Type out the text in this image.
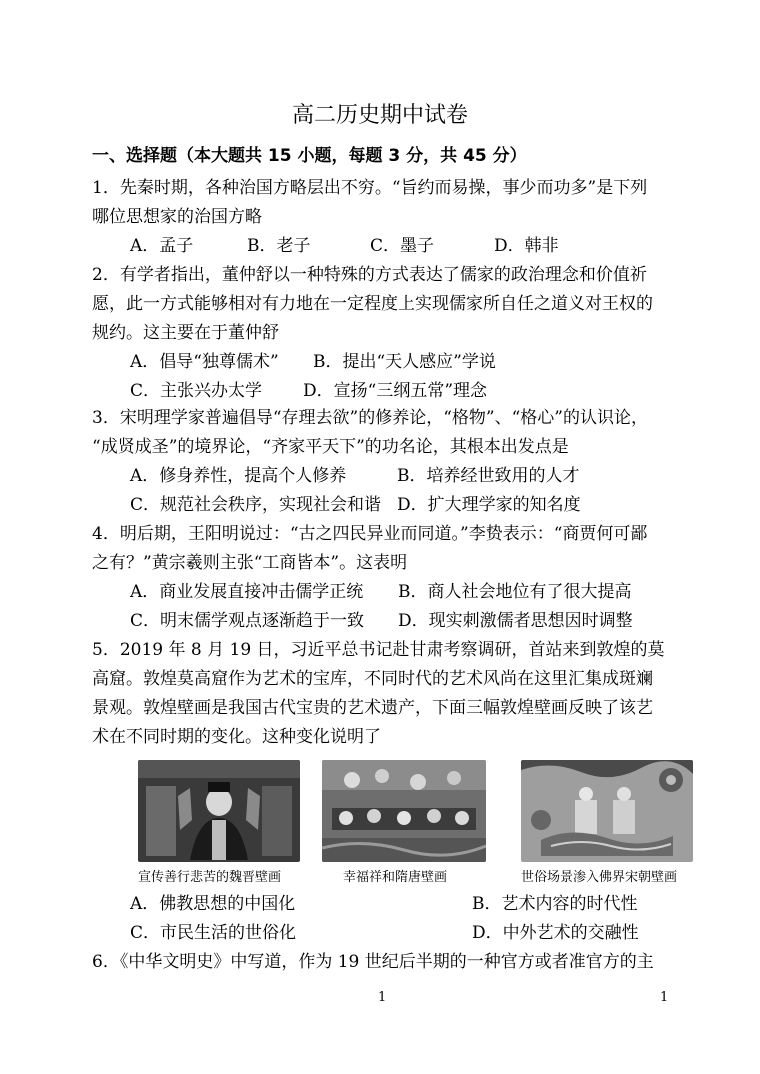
高二历史期中试卷
一、选择题（本大题共 15 小题，每题 3 分，共 45 分）
1．先秦时期，各种治国方略层出不穷。“旨约而易操，事少而功多”是下列
哪位思想家的治国方略
A．孟子	B．老子	C．墨子	D．韩非
2．有学者指出，董仲舒以一种特殊的方式表达了儒家的政治理念和价值祈
愿，此一方式能够相对有力地在一定程度上实现儒家所自任之道义对王权的
规约。这主要在于董仲舒
A．倡导“独尊儒术” B．提出“天人感应”学说
C．主张兴办太学 D．宣扬“三纲五常”理念
3．宋明理学家普遍倡导“存理去欲”的修养论，“格物”、“格心”的认识论，
“成贤成圣”的境界论，“齐家平天下”的功名论，其根本出发点是
A．修身养性，提高个人修养	B．培养经世致用的人才
C．规范社会秩序，实现社会和谐 D．扩大理学家的知名度
4．明后期，王阳明说过：“古之四民异业而同道。”李贽表示：“商贾何可鄙
之有？”黄宗羲则主张“工商皆本”。这表明
A．商业发展直接冲击儒学正统 B．商人社会地位有了很大提高
C．明末儒学观点逐渐趋于一致 D．现实刺激儒者思想因时调整
5．2019 年 8 月 19 日，习近平总书记赴甘肃考察调研，首站来到敦煌的莫
高窟。敦煌莫高窟作为艺术的宝库，不同时代的艺术风尚在这里汇集成斑斓
景观。敦煌壁画是我国古代宝贵的艺术遗产，下面三幅敦煌壁画反映了该艺
术在不同时期的变化。这种变化说明了
宣传善行悲苦的魏晋壁画	幸福祥和隋唐壁画	世俗场景渗入佛界宋朝壁画
A．佛教思想的中国化	B．艺术内容的时代性
C．市民生活的世俗化	D．中外艺术的交融性
6．《中华文明史》中写道，作为 19 世纪后半期的一种官方或者准官方的主
1	1
